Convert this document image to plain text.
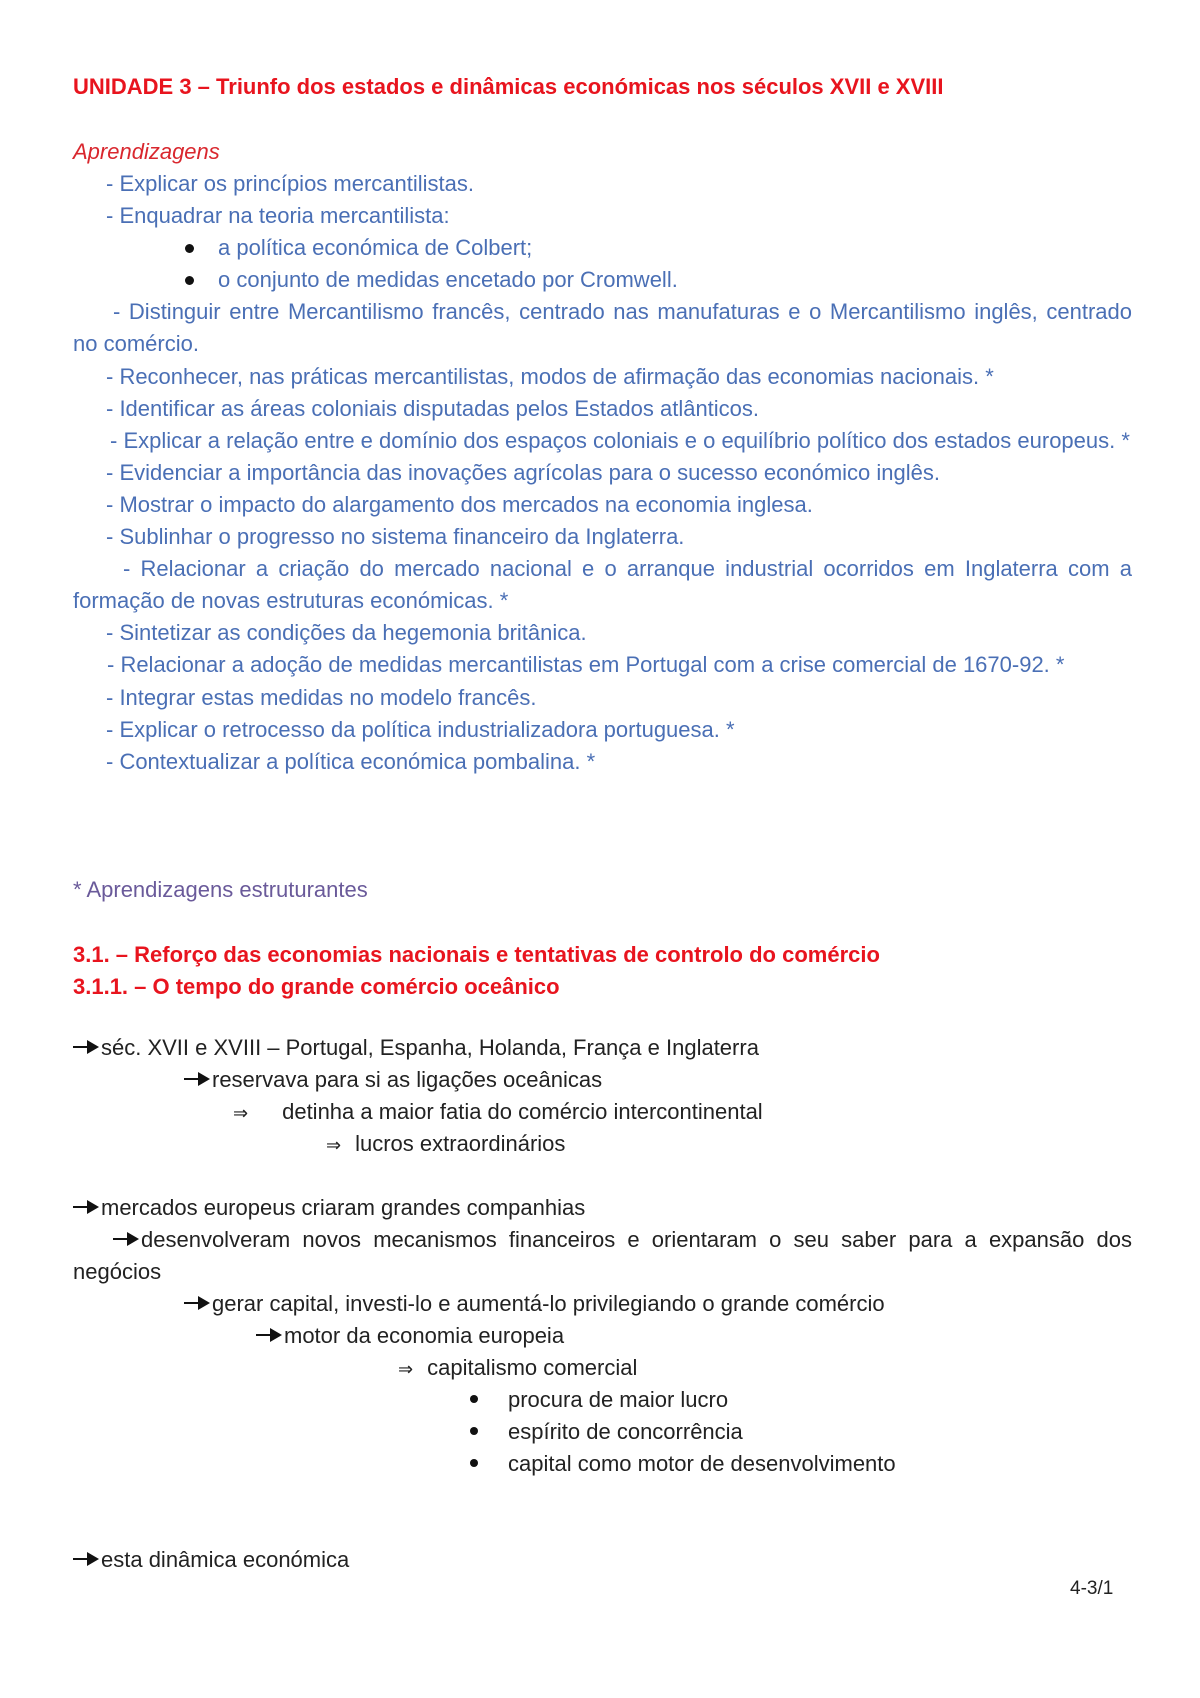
UNIDADE 3 – Triunfo dos estados e dinâmicas económicas nos séculos XVII e XVIII
Aprendizagens
- Explicar os princípios mercantilistas.
- Enquadrar na teoria mercantilista:
a política económica de Colbert;
o conjunto de medidas encetado por Cromwell.
- Distinguir entre Mercantilismo francês, centrado nas manufaturas e o Mercantilismo inglês, centrado no comércio.
- Reconhecer, nas práticas mercantilistas, modos de afirmação das economias nacionais. *
- Identificar as áreas coloniais disputadas pelos Estados atlânticos.
- Explicar a relação entre e domínio dos espaços coloniais e o equilíbrio político dos estados europeus. *
- Evidenciar a importância das inovações agrícolas para o sucesso económico inglês.
- Mostrar o impacto do alargamento dos mercados na economia inglesa.
- Sublinhar o progresso no sistema financeiro da Inglaterra.
- Relacionar a criação do mercado nacional e o arranque industrial ocorridos em Inglaterra com a formação de novas estruturas económicas. *
- Sintetizar as condições da hegemonia britânica.
- Relacionar a adoção de medidas mercantilistas em Portugal com a crise comercial de 1670-92. *
- Integrar estas medidas no modelo francês.
- Explicar o retrocesso da política industrializadora portuguesa. *
- Contextualizar a política económica pombalina. *
* Aprendizagens estruturantes
3.1. – Reforço das economias nacionais e tentativas de controlo do comércio
3.1.1. – O tempo do grande comércio oceânico
séc. XVII e XVIII – Portugal, Espanha, Holanda, França e Inglaterra
reservava para si as ligações oceânicas
⇒ detinha a maior fatia do comércio intercontinental
⇒ lucros extraordinários
mercados europeus criaram grandes companhias
desenvolveram novos mecanismos financeiros e orientaram o seu saber para a expansão dos negócios
gerar capital, investi-lo e aumentá-lo privilegiando o grande comércio
motor da economia europeia
⇒ capitalismo comercial
procura de maior lucro
espírito de concorrência
capital como motor de desenvolvimento
esta dinâmica económica
4-3/1
